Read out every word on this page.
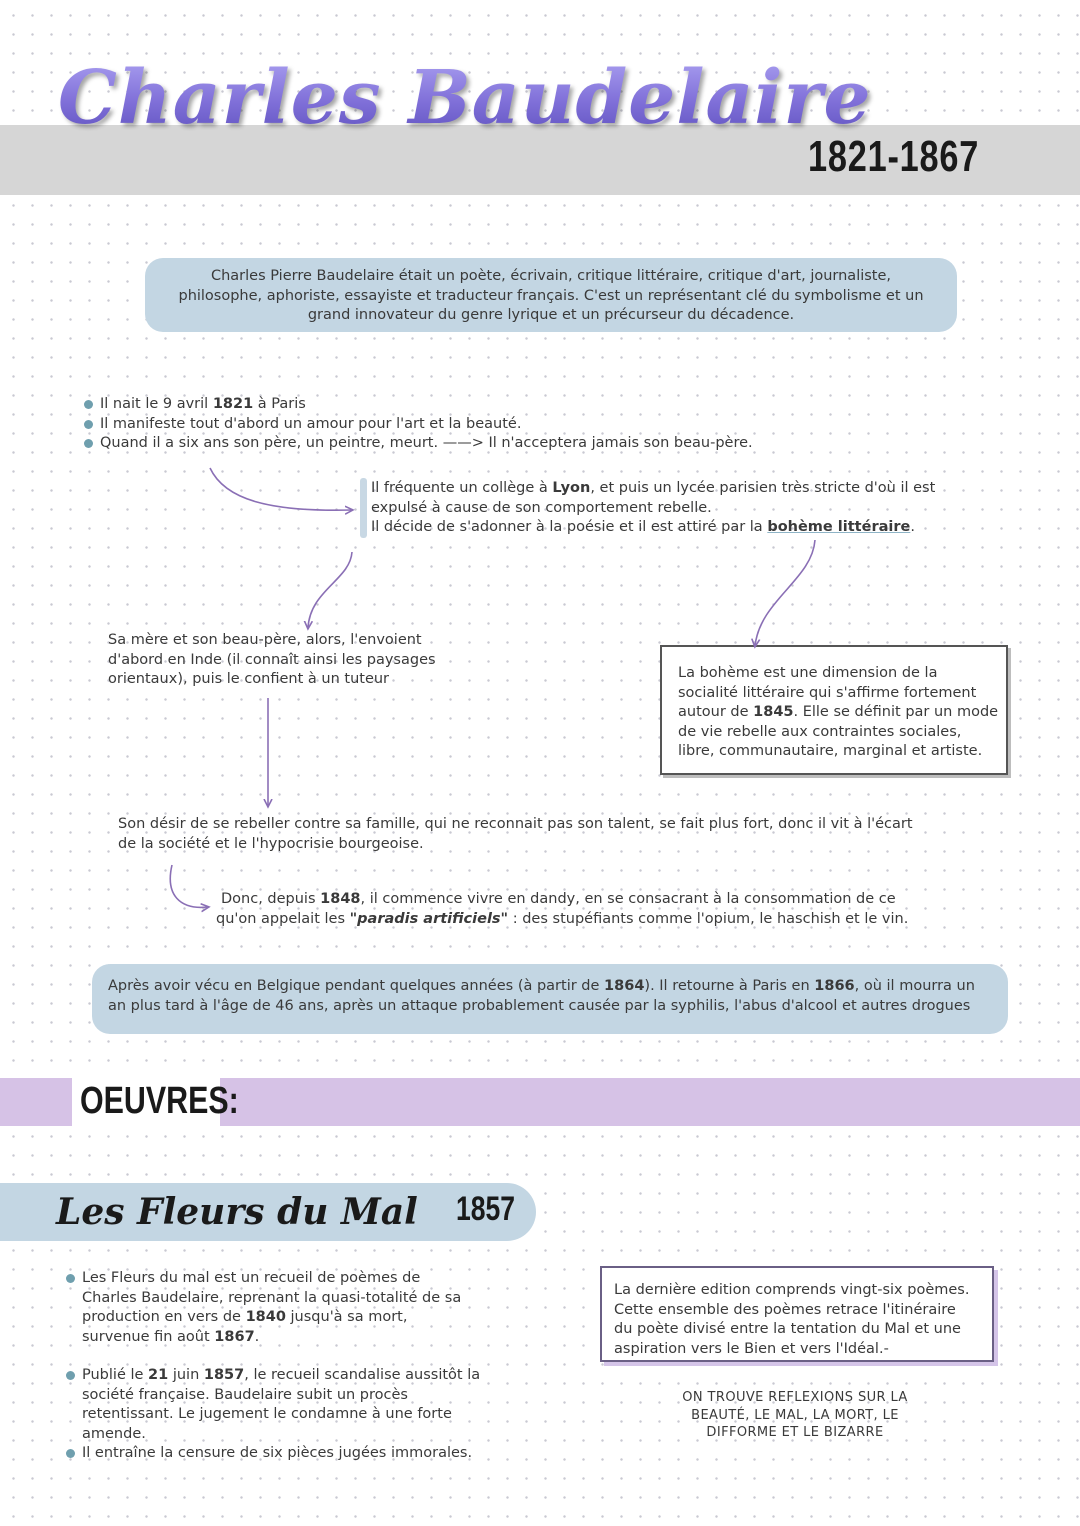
Charles Baudelaire
1821-1867
Charles Pierre Baudelaire était un poète, écrivain, critique littéraire, critique d'art, journaliste,
philosophe, aphoriste, essayiste et traducteur français. C'est un représentant clé du symbolisme et un
grand innovateur du genre lyrique et un précurseur du décadence.
Il nait le 9 avril 1821 à Paris
Il manifeste tout d'abord un amour pour l'art et la beauté.
Quand il a six ans son père, un peintre, meurt. ——> Il n'acceptera jamais son beau-père.
Il fréquente un collège à Lyon, et puis un lycée parisien très stricte d'où il est
expulsé à cause de son comportement rebelle.
Il décide de s'adonner à la poésie et il est attiré par la bohème littéraire.
Sa mère et son beau-père, alors, l'envoient
d'abord en Inde (il connaît ainsi les paysages
orientaux), puis le confient à un tuteur	La bohème est une dimension de la
socialité littéraire qui s'affirme fortement
autour de 1845. Elle se définit par un mode
de vie rebelle aux contraintes sociales,
libre, communautaire, marginal et artiste.
Son désir de se rebeller contre sa famille, qui ne reconnait pas son talent, se fait plus fort, donc il vit à l'écart
de la société et le l'hypocrisie bourgeoise.
Donc, depuis 1848, il commence vivre en dandy, en se consacrant à la consommation de ce
qu'on appelait les "paradis artificiels" : des stupéfiants comme l'opium, le haschish et le vin.
Après avoir vécu en Belgique pendant quelques années (à partir de 1864). Il retourne à Paris en 1866, où il mourra un
an plus tard à l'âge de 46 ans, après un attaque probablement causée par la syphilis, l'abus d'alcool et autres drogues
OEUVRES:
Les Fleurs du Mal 1857
Les Fleurs du mal est un recueil de poèmes de
Charles Baudelaire, reprenant la quasi-totalité de sa
production en vers de 1840 jusqu'à sa mort,
survenue fin août 1867.
Publié le 21 juin 1857, le recueil scandalise aussitôt la
société française. Baudelaire subit un procès
retentissant. Le jugement le condamne à une forte
amende.
Il entraîne la censure de six pièces jugées immorales.
La dernière edition comprends vingt-six poèmes.
Cette ensemble des poèmes retrace l'itinéraire
du poète divisé entre la tentation du Mal et une
aspiration vers le Bien et vers l'Idéal.-
ON TROUVE REFLEXIONS SUR LA
BEAUTÉ, LE MAL, LA MORT, LE
DIFFORME ET LE BIZARRE
